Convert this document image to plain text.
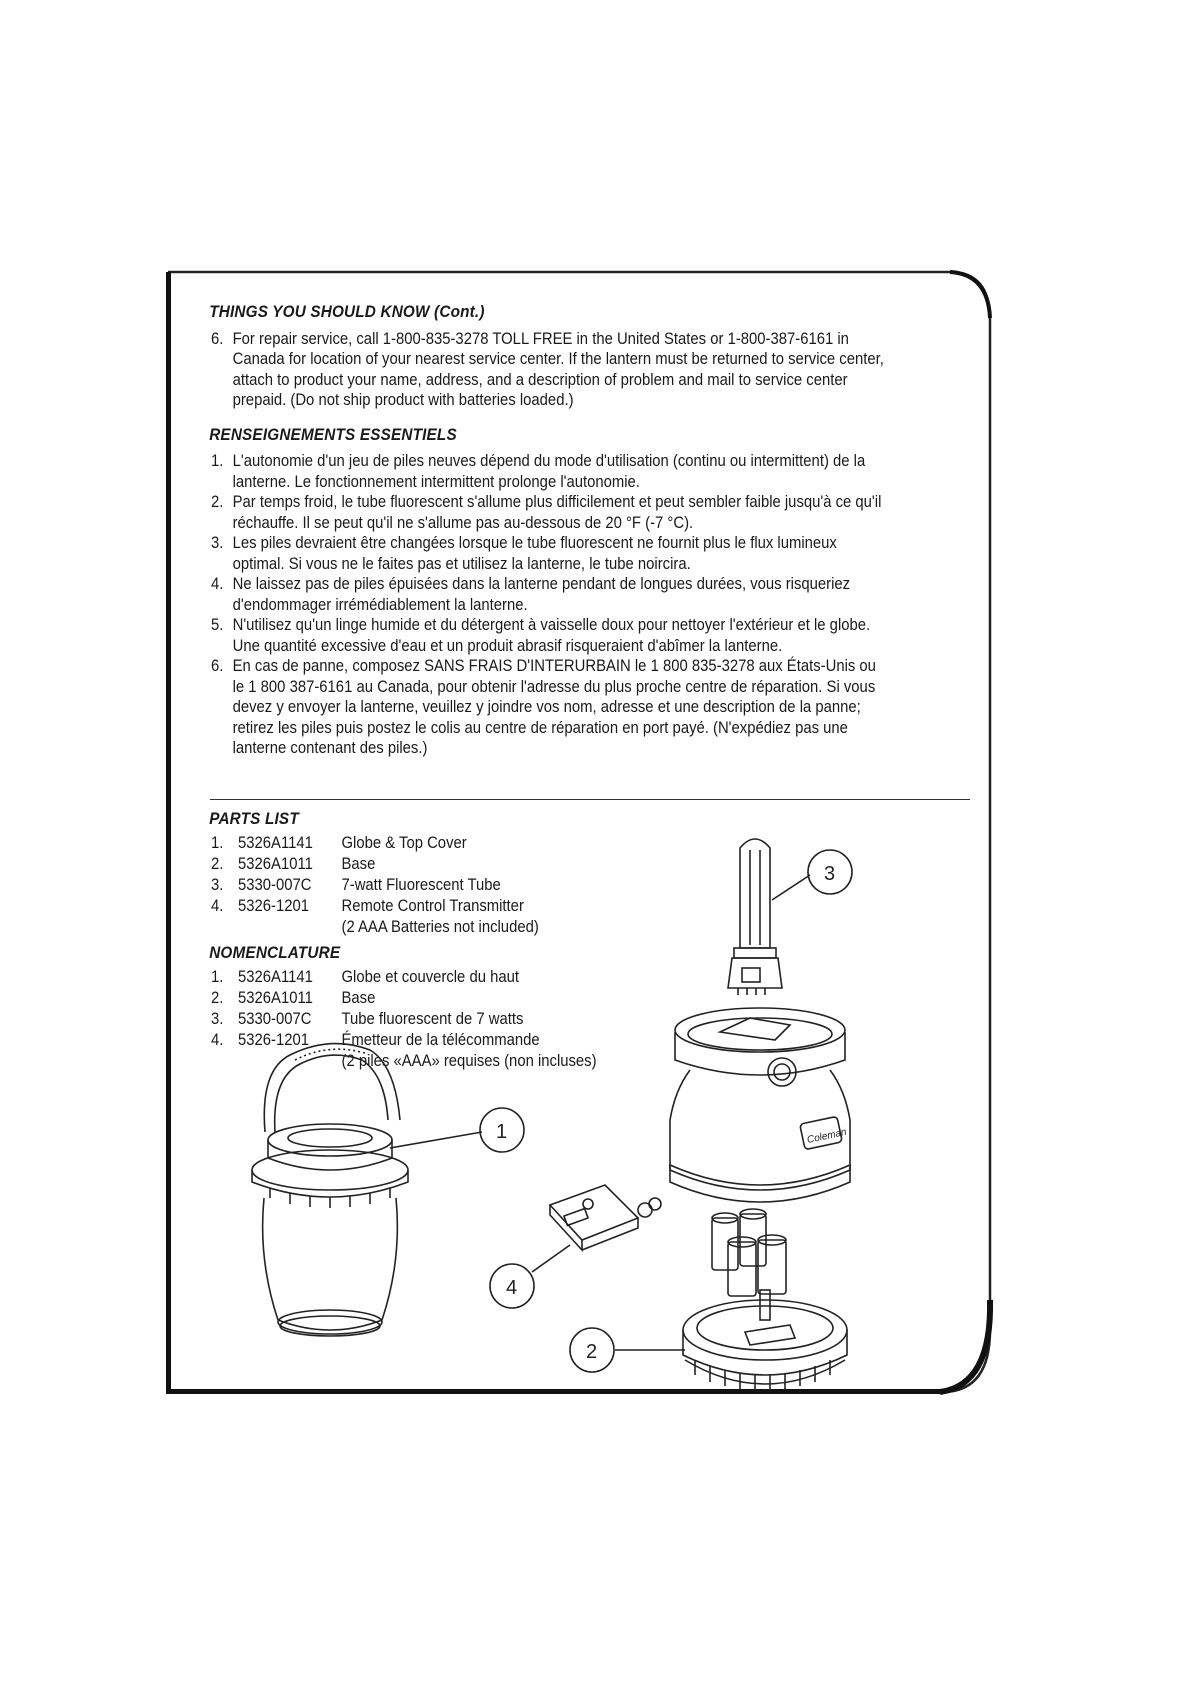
THINGS YOU SHOULD KNOW (Cont.)
6. For repair service, call 1-800-835-3278 TOLL FREE in the United States or 1-800-387-6161 in Canada for location of your nearest service center. If the lantern must be returned to service center, attach to product your name, address, and a description of problem and mail to service center prepaid. (Do not ship product with batteries loaded.)
RENSEIGNEMENTS ESSENTIELS
1. L'autonomie d'un jeu de piles neuves dépend du mode d'utilisation (continu ou intermittent) de la lanterne. Le fonctionnement intermittent prolonge l'autonomie.
2. Par temps froid, le tube fluorescent s'allume plus difficilement et peut sembler faible jusqu'à ce qu'il réchauffe. Il se peut qu'il ne s'allume pas au-dessous de 20 °F (-7 °C).
3. Les piles devraient être changées lorsque le tube fluorescent ne fournit plus le flux lumineux optimal. Si vous ne le faites pas et utilisez la lanterne, le tube noircira.
4. Ne laissez pas de piles épuisées dans la lanterne pendant de longues durées, vous risqueriez d'endommager irrémédiablement la lanterne.
5. N'utilisez qu'un linge humide et du détergent à vaisselle doux pour nettoyer l'extérieur et le globe. Une quantité excessive d'eau et un produit abrasif risqueraient d'abîmer la lanterne.
6. En cas de panne, composez SANS FRAIS D'INTERURBAIN le 1 800 835-3278 aux États-Unis ou le 1 800 387-6161 au Canada, pour obtenir l'adresse du plus proche centre de réparation. Si vous devez y envoyer la lanterne, veuillez y joindre vos nom, adresse et une description de la panne; retirez les piles puis postez le colis au centre de réparation en port payé. (N'expédiez pas une lanterne contenant des piles.)
PARTS LIST
1. 5326A1141 Globe & Top Cover
2. 5326A1011 Base
3. 5330-007C 7-watt Fluorescent Tube
4. 5326-1201 Remote Control Transmitter
(2 AAA Batteries not included)
NOMENCLATURE
1. 5326A1141 Globe et couvercle du haut
2. 5326A1011 Base
3. 5330-007C Tube fluorescent de 7 watts
4. 5326-1201 Émetteur de la télécommande
(2 piles «AAA» requises (non incluses)
3
Coleman
2
4
1
